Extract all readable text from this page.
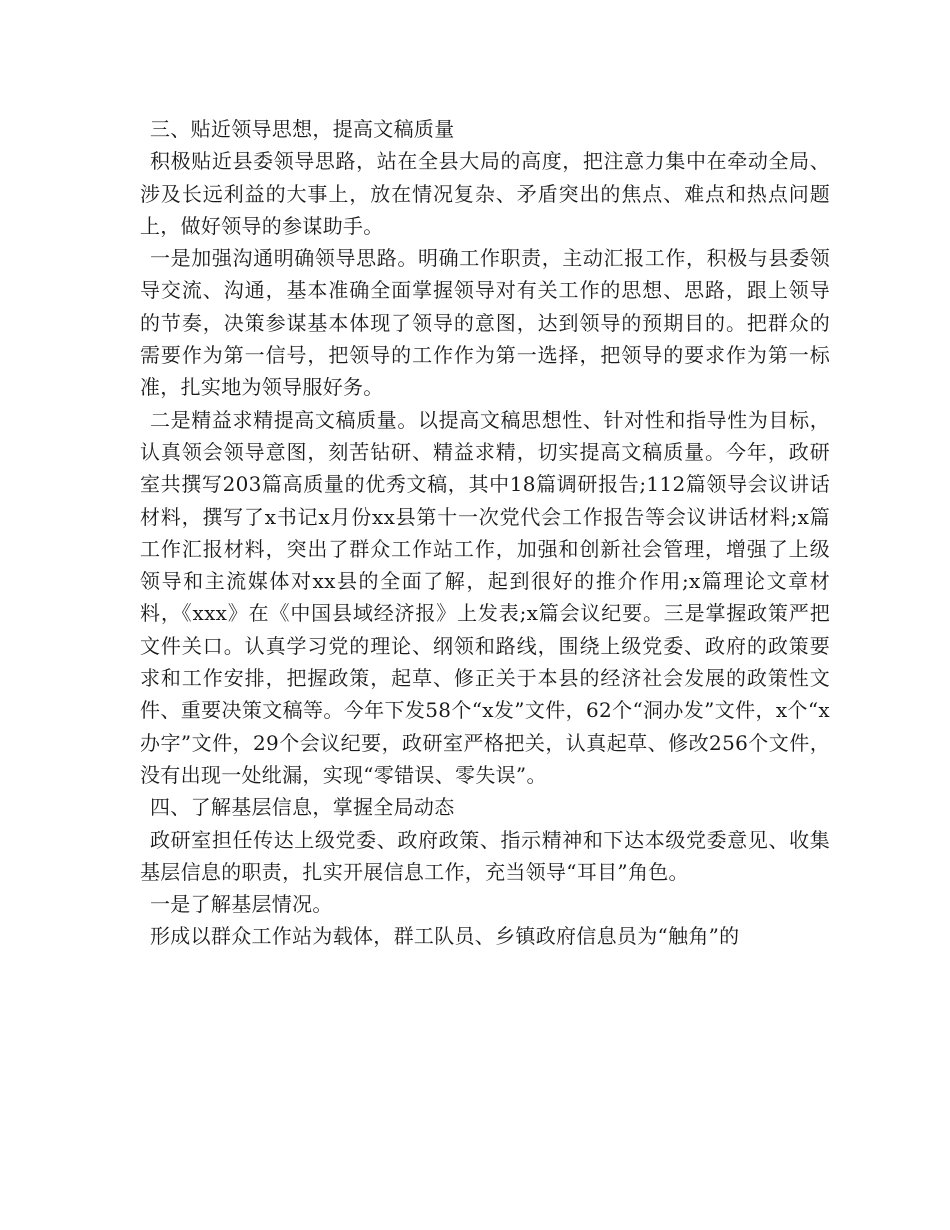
三、贴近领导思想，提高文稿质量

积极贴近县委领导思路，站在全县大局的高度，把注意力集中在牵动全局、涉及长远利益的大事上，放在情况复杂、矛盾突出的焦点、难点和热点问题上，做好领导的参谋助手。

一是加强沟通明确领导思路。明确工作职责，主动汇报工作，积极与县委领导交流、沟通，基本准确全面掌握领导对有关工作的思想、思路，跟上领导的节奏，决策参谋基本体现了领导的意图，达到领导的预期目的。把群众的需要作为第一信号，把领导的工作作为第一选择，把领导的要求作为第一标准，扎实地为领导服好务。

二是精益求精提高文稿质量。以提高文稿思想性、针对性和指导性为目标，认真领会领导意图，刻苦钻研、精益求精，切实提高文稿质量。今年，政研室共撰写203篇高质量的优秀文稿，其中18篇调研报告;112篇领导会议讲话材料，撰写了x书记x月份xx县第十一次党代会工作报告等会议讲话材料;x篇工作汇报材料，突出了群众工作站工作，加强和创新社会管理，增强了上级领导和主流媒体对xx县的全面了解，起到很好的推介作用;x篇理论文章材料，《xxx》在《中国县域经济报》上发表;x篇会议纪要。三是掌握政策严把文件关口。认真学习党的理论、纲领和路线，围绕上级党委、政府的政策要求和工作安排，把握政策，起草、修正关于本县的经济社会发展的政策性文件、重要决策文稿等。今年下发58个“x发”文件，62个“洞办发”文件，x个“x办字”文件，29个会议纪要，政研室严格把关，认真起草、修改256个文件，没有出现一处纰漏，实现“零错误、零失误”。

四、了解基层信息，掌握全局动态

政研室担任传达上级党委、政府政策、指示精神和下达本级党委意见、收集基层信息的职责，扎实开展信息工作，充当领导“耳目”角色。

一是了解基层情况。

形成以群众工作站为载体，群工队员、乡镇政府信息员为“触角”的
